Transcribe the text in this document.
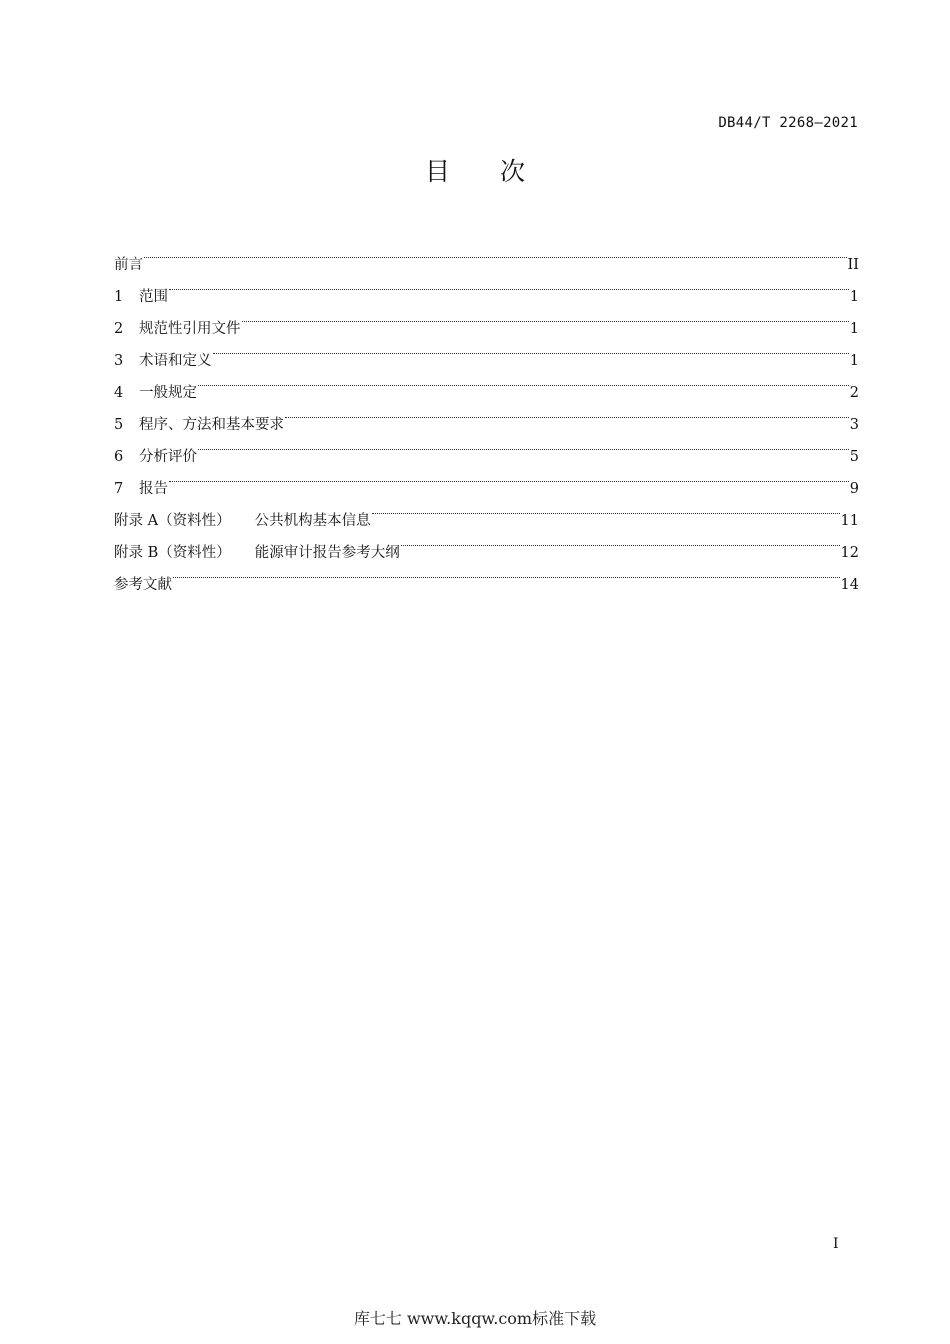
DB44/T 2268—2021
目 次
前言	II
1	范围	1
2	规范性引用文件	1
3	术语和定义	1
4	一般规定	2
5	程序、方法和基本要求	3
6	分析评价	5
7	报告	9
附录 A（资料性） 公共机构基本信息	11
附录 B（资料性） 能源审计报告参考大纲	12
参考文献	14
I
库七七 www.kqqw.com标准下载
